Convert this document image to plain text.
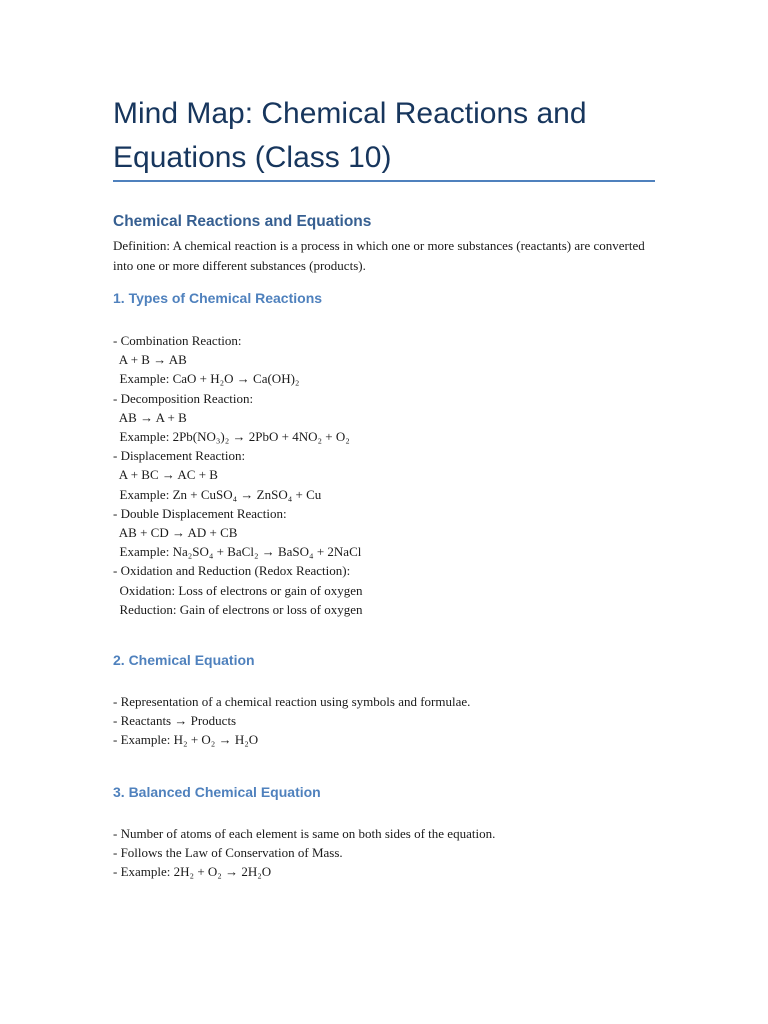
Mind Map: Chemical Reactions and Equations (Class 10)
Chemical Reactions and Equations

Definition: A chemical reaction is a process in which one or more substances (reactants) are converted into one or more different substances (products).

1. Types of Chemical Reactions
- Combination Reaction:
A + B → AB
Example: CaO + H₂O → Ca(OH)₂
- Decomposition Reaction:
AB → A + B
Example: 2Pb(NO₃)₂ → 2PbO + 4NO₂ + O₂
- Displacement Reaction:
A + BC → AC + B
Example: Zn + CuSO₄ → ZnSO₄ + Cu
- Double Displacement Reaction:
AB + CD → AD + CB
Example: Na₂SO₄ + BaCl₂ → BaSO₄ + 2NaCl
- Oxidation and Reduction (Redox Reaction):
Oxidation: Loss of electrons or gain of oxygen
Reduction: Gain of electrons or loss of oxygen
2. Chemical Equation
- Representation of a chemical reaction using symbols and formulae.
- Reactants → Products
- Example: H₂ + O₂ → H₂O
3. Balanced Chemical Equation
- Number of atoms of each element is same on both sides of the equation.
- Follows the Law of Conservation of Mass.
- Example: 2H₂ + O₂ → 2H₂O
